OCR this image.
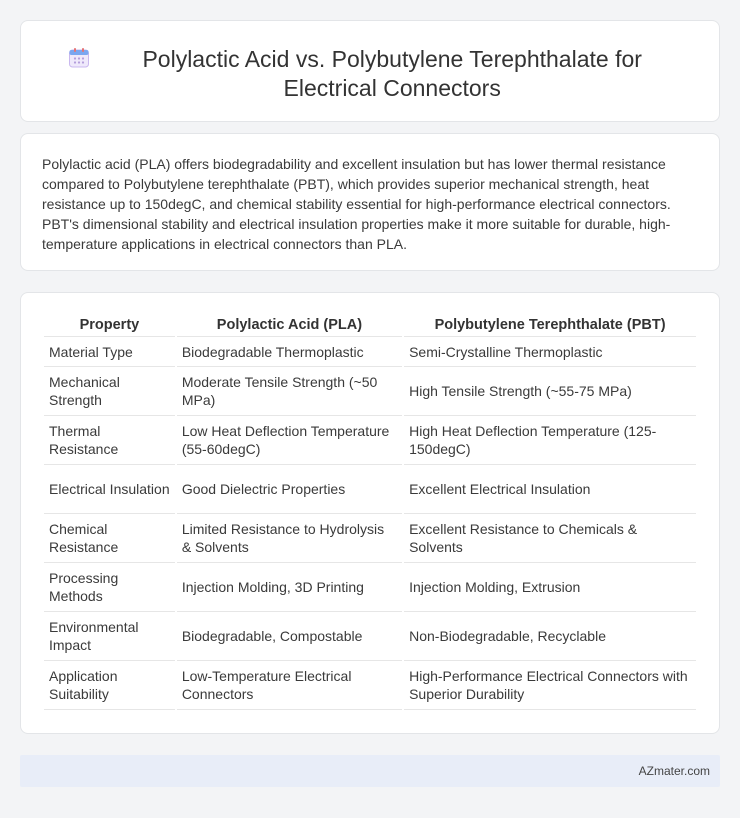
Polylactic Acid vs. Polybutylene Terephthalate for Electrical Connectors

Polylactic acid (PLA) offers biodegradability and excellent insulation but has lower thermal resistance compared to Polybutylene terephthalate (PBT), which provides superior mechanical strength, heat resistance up to 150degC, and chemical stability essential for high-performance electrical connectors. PBT's dimensional stability and electrical insulation properties make it more suitable for durable, high-temperature applications in electrical connectors than PLA.

Property	Polylactic Acid (PLA)	Polybutylene Terephthalate (PBT)
Material Type	Biodegradable Thermoplastic	Semi-Crystalline Thermoplastic
Mechanical Strength	Moderate Tensile Strength (~50 MPa)	High Tensile Strength (~55-75 MPa)
Thermal Resistance	Low Heat Deflection Temperature (55-60degC)	High Heat Deflection Temperature (125-150degC)
Electrical Insulation	Good Dielectric Properties	Excellent Electrical Insulation
Chemical Resistance	Limited Resistance to Hydrolysis & Solvents	Excellent Resistance to Chemicals & Solvents
Processing Methods	Injection Molding, 3D Printing	Injection Molding, Extrusion
Environmental Impact	Biodegradable, Compostable	Non-Biodegradable, Recyclable
Application Suitability	Low-Temperature Electrical Connectors	High-Performance Electrical Connectors with Superior Durability
AZmater.com
